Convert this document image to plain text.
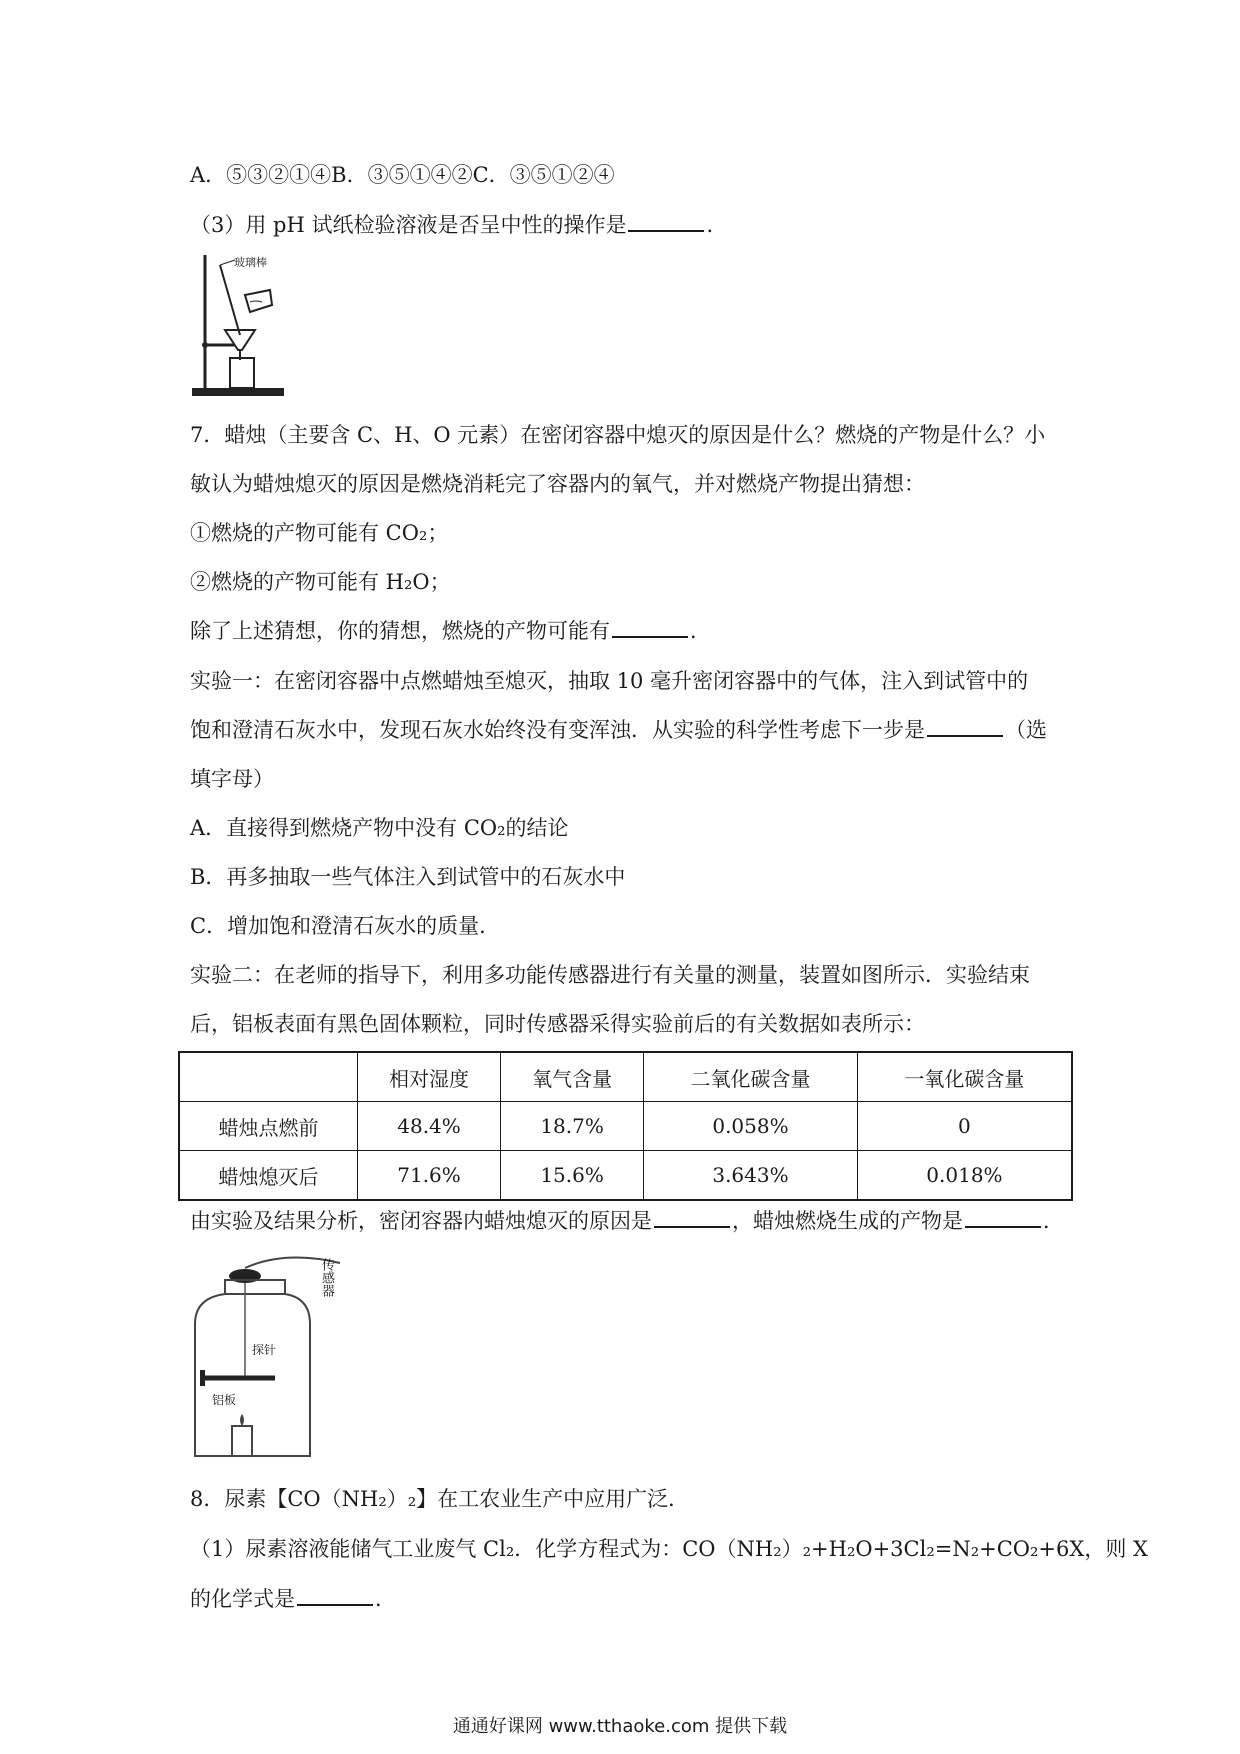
A．⑤③②①④B．③⑤①④②C．③⑤①②④
（3）用 pH 试纸检验溶液是否呈中性的操作是	．
玻璃棒
7．蜡烛（主要含 C、H、O 元素）在密闭容器中熄灭的原因是什么？燃烧的产物是什么？小
敏认为蜡烛熄灭的原因是燃烧消耗完了容器内的氧气，并对燃烧产物提出猜想：
①燃烧的产物可能有 CO₂；
②燃烧的产物可能有 H₂O；
除了上述猜想，你的猜想，燃烧的产物可能有	．
实验一：在密闭容器中点燃蜡烛至熄灭，抽取 10 毫升密闭容器中的气体，注入到试管中的
饱和澄清石灰水中，发现石灰水始终没有变浑浊．从实验的科学性考虑下一步是	（选
填字母）
A．直接得到燃烧产物中没有 CO₂的结论
B．再多抽取一些气体注入到试管中的石灰水中
C．增加饱和澄清石灰水的质量．
实验二：在老师的指导下，利用多功能传感器进行有关量的测量，装置如图所示．实验结束
后，铝板表面有黑色固体颗粒，同时传感器采得实验前后的有关数据如表所示：
	相对湿度	氧气含量	二氧化碳含量	一氧化碳含量
蜡烛点燃前	48.4%	18.7%	0.058%	0
蜡烛熄灭后	71.6%	15.6%	3.643%	0.018%
由实验及结果分析，密闭容器内蜡烛熄灭的原因是	，蜡烛燃烧生成的产物是	．
传感器
探针
铝板
8．尿素【CO（NH₂）₂】在工农业生产中应用广泛．
（1）尿素溶液能储气工业废气 Cl₂．化学方程式为：CO（NH₂）₂+H₂O+3Cl₂=N₂+CO₂+6X，则 X
的化学式是	．
通通好课网 www.tthaoke.com 提供下载
